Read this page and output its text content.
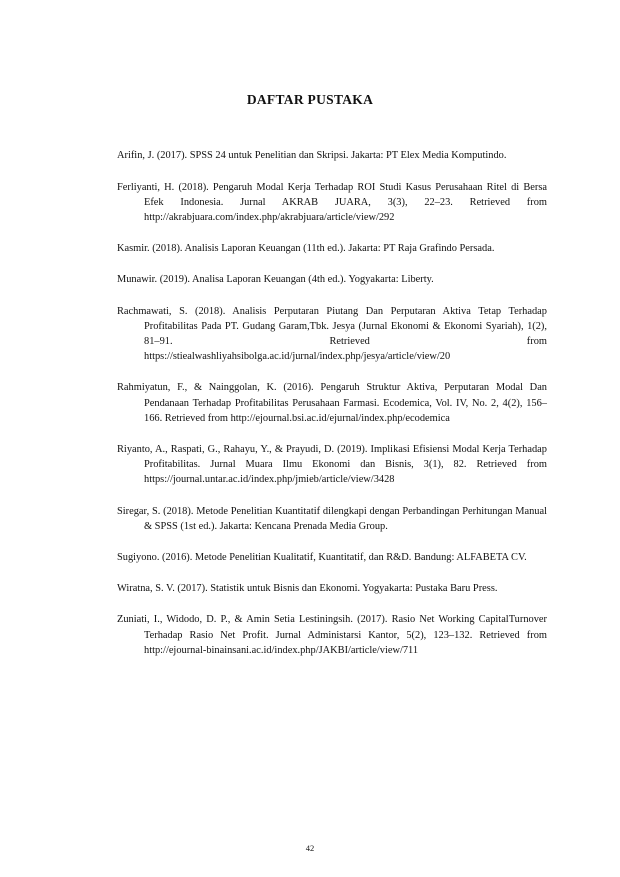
DAFTAR PUSTAKA

Arifin, J. (2017). SPSS 24 untuk Penelitian dan Skripsi. Jakarta: PT Elex Media Komputindo.

Ferliyanti, H. (2018). Pengaruh Modal Kerja Terhadap ROI Studi Kasus Perusahaan Ritel di Bersa Efek Indonesia. Jurnal AKRAB JUARA, 3(3), 22–23. Retrieved from http://akrabjuara.com/index.php/akrabjuara/article/view/292

Kasmir. (2018). Analisis Laporan Keuangan (11th ed.). Jakarta: PT Raja Grafindo Persada.

Munawir. (2019). Analisa Laporan Keuangan (4th ed.). Yogyakarta: Liberty.

Rachmawati, S. (2018). Analisis Perputaran Piutang Dan Perputaran Aktiva Tetap Terhadap Profitabilitas Pada PT. Gudang Garam,Tbk. Jesya (Jurnal Ekonomi & Ekonomi Syariah), 1(2), 81–91. Retrieved from https://stiealwashliyahsibolga.ac.id/jurnal/index.php/jesya/article/view/20

Rahmiyatun, F., & Nainggolan, K. (2016). Pengaruh Struktur Aktiva, Perputaran Modal Dan Pendanaan Terhadap Profitabilitas Perusahaan Farmasi. Ecodemica, Vol. IV, No. 2, 4(2), 156–166. Retrieved from http://ejournal.bsi.ac.id/ejurnal/index.php/ecodemica

Riyanto, A., Raspati, G., Rahayu, Y., & Prayudi, D. (2019). Implikasi Efisiensi Modal Kerja Terhadap Profitabilitas. Jurnal Muara Ilmu Ekonomi dan Bisnis, 3(1), 82. Retrieved from https://journal.untar.ac.id/index.php/jmieb/article/view/3428

Siregar, S. (2018). Metode Penelitian Kuantitatif dilengkapi dengan Perbandingan Perhitungan Manual & SPSS (1st ed.). Jakarta: Kencana Prenada Media Group.

Sugiyono. (2016). Metode Penelitian Kualitatif, Kuantitatif, dan R&D. Bandung: ALFABETA CV.

Wiratna, S. V. (2017). Statistik untuk Bisnis dan Ekonomi. Yogyakarta: Pustaka Baru Press.

Zuniati, I., Widodo, D. P., & Amin Setia Lestiningsih. (2017). Rasio Net Working CapitalTurnover Terhadap Rasio Net Profit. Jurnal Administarsi Kantor, 5(2), 123–132. Retrieved from http://ejournal-binainsani.ac.id/index.php/JAKBI/article/view/711

42
